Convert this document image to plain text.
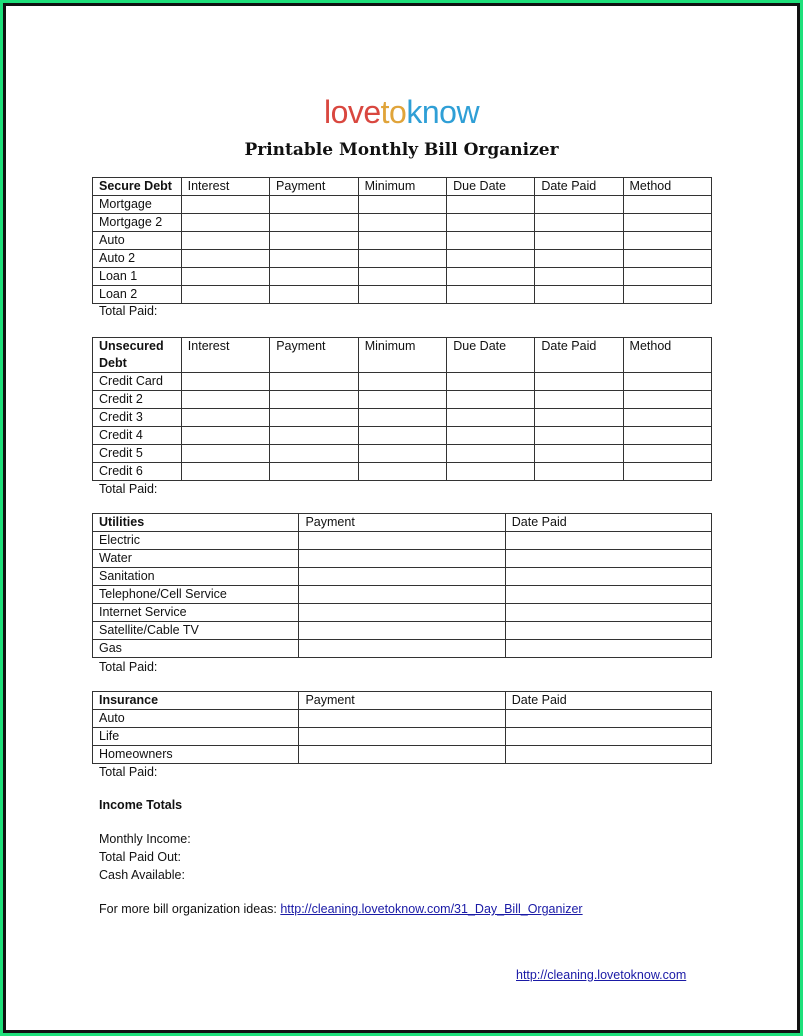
lovetoknow
Printable Monthly Bill Organizer
Secure Debt	Interest	Payment	Minimum	Due Date	Date Paid	Method
Mortgage						
Mortgage 2						
Auto						
Auto 2						
Loan 1						
Loan 2						
Total Paid:
Unsecured Debt	Interest	Payment	Minimum	Due Date	Date Paid	Method
Credit Card						
Credit 2						
Credit 3						
Credit 4						
Credit 5						
Credit 6						
Total Paid:
Utilities	Payment	Date Paid
Electric		
Water		
Sanitation		
Telephone/Cell Service		
Internet Service		
Satellite/Cable TV		
Gas		
Total Paid:
Insurance	Payment	Date Paid
Auto		
Life		
Homeowners		
Total Paid:
Income Totals
Monthly Income:
Total Paid Out:
Cash Available:
For more bill organization ideas: http://cleaning.lovetoknow.com/31_Day_Bill_Organizer
http://cleaning.lovetoknow.com
